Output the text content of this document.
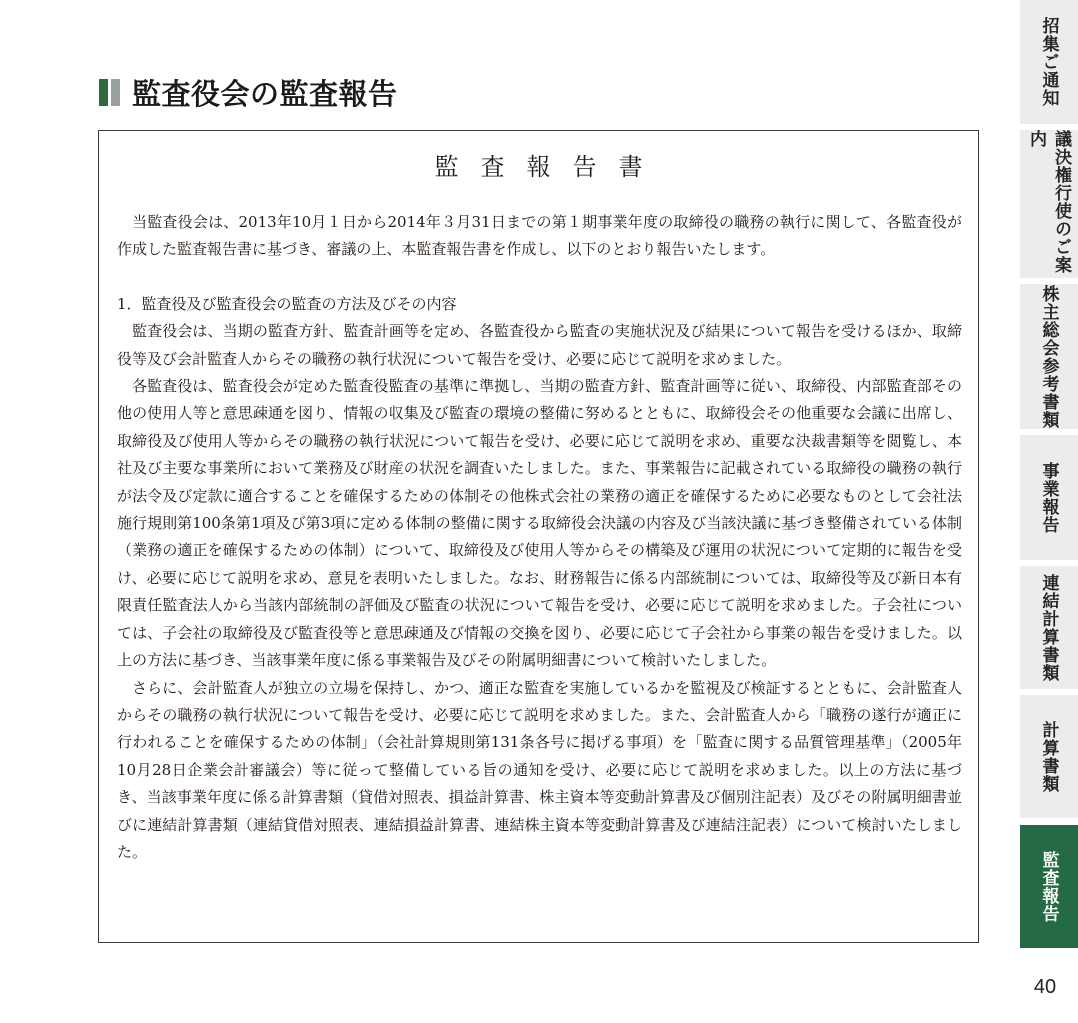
監査役会の監査報告
監査報告書

当監査役会は、2013年10月１日から2014年３月31日までの第１期事業年度の取締役の職務の執行に関して、各監査役が作成した監査報告書に基づき、審議の上、本監査報告書を作成し、以下のとおり報告いたします。

1．監査役及び監査役会の監査の方法及びその内容

監査役会は、当期の監査方針、監査計画等を定め、各監査役から監査の実施状況及び結果について報告を受けるほか、取締役等及び会計監査人からその職務の執行状況について報告を受け、必要に応じて説明を求めました。

各監査役は、監査役会が定めた監査役監査の基準に準拠し、当期の監査方針、監査計画等に従い、取締役、内部監査部その他の使用人等と意思疎通を図り、情報の収集及び監査の環境の整備に努めるとともに、取締役会その他重要な会議に出席し、取締役及び使用人等からその職務の執行状況について報告を受け、必要に応じて説明を求め、重要な決裁書類等を閲覧し、本社及び主要な事業所において業務及び財産の状況を調査いたしました。また、事業報告に記載されている取締役の職務の執行が法令及び定款に適合することを確保するための体制その他株式会社の業務の適正を確保するために必要なものとして会社法施行規則第100条第1項及び第3項に定める体制の整備に関する取締役会決議の内容及び当該決議に基づき整備されている体制（業務の適正を確保するための体制）について、取締役及び使用人等からその構築及び運用の状況について定期的に報告を受け、必要に応じて説明を求め、意見を表明いたしました。なお、財務報告に係る内部統制については、取締役等及び新日本有限責任監査法人から当該内部統制の評価及び監査の状況について報告を受け、必要に応じて説明を求めました。子会社については、子会社の取締役及び監査役等と意思疎通及び情報の交換を図り、必要に応じて子会社から事業の報告を受けました。以上の方法に基づき、当該事業年度に係る事業報告及びその附属明細書について検討いたしました。

さらに、会計監査人が独立の立場を保持し、かつ、適正な監査を実施しているかを監視及び検証するとともに、会計監査人からその職務の執行状況について報告を受け、必要に応じて説明を求めました。また、会計監査人から「職務の遂行が適正に行われることを確保するための体制」（会社計算規則第131条各号に掲げる事項）を「監査に関する品質管理基準」（2005年10月28日企業会計審議会）等に従って整備している旨の通知を受け、必要に応じて説明を求めました。以上の方法に基づき、当該事業年度に係る計算書類（貸借対照表、損益計算書、株主資本等変動計算書及び個別注記表）及びその附属明細書並びに連結計算書類（連結貸借対照表、連結損益計算書、連結株主資本等変動計算書及び連結注記表）について検討いたしました。

招集ご通知
議決権行使のご案内
株主総会参考書類
事業報告
連結計算書類
計算書類
監査報告
40
